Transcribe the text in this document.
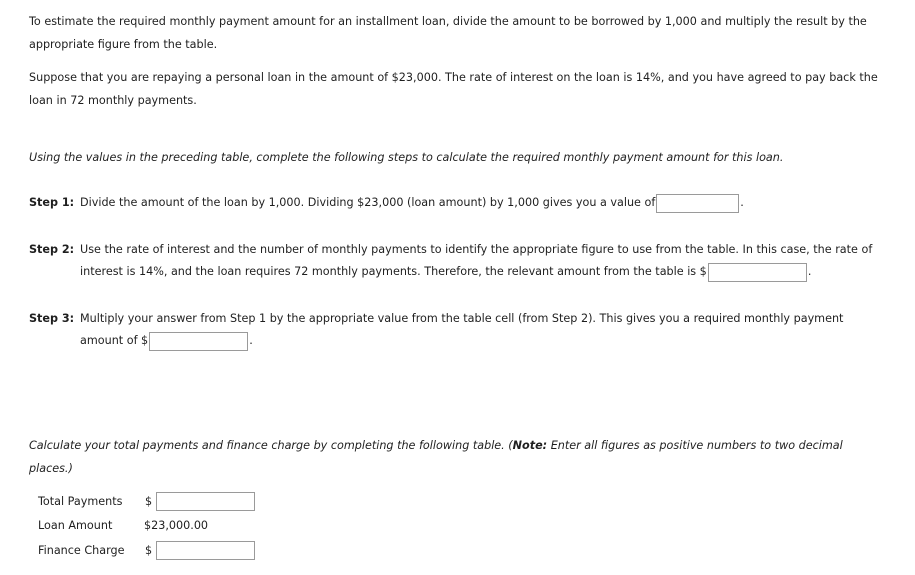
To estimate the required monthly payment amount for an installment loan, divide the amount to be borrowed by 1,000 and multiply the result by the appropriate figure from the table.

Suppose that you are repaying a personal loan in the amount of $23,000. The rate of interest on the loan is 14%, and you have agreed to pay back the loan in 72 monthly payments.

Using the values in the preceding table, complete the following steps to calculate the required monthly payment amount for this loan.

Step 1: Divide the amount of the loan by 1,000. Dividing $23,000 (loan amount) by 1,000 gives you a value of	.
Step 2: Use the rate of interest and the number of monthly payments to identify the appropriate figure to use from the table. In this case, the rate of interest is 14%, and the loan requires 72 monthly payments. Therefore, the relevant amount from the table is $	.
Step 3: Multiply your answer from Step 1 by the appropriate value from the table cell (from Step 2). This gives you a required monthly payment amount of $	.

Calculate your total payments and finance charge by completing the following table. (Note: Enter all figures as positive numbers to two decimal places.)

Total Payments	$
Loan Amount	$23,000.00
Finance Charge	$
